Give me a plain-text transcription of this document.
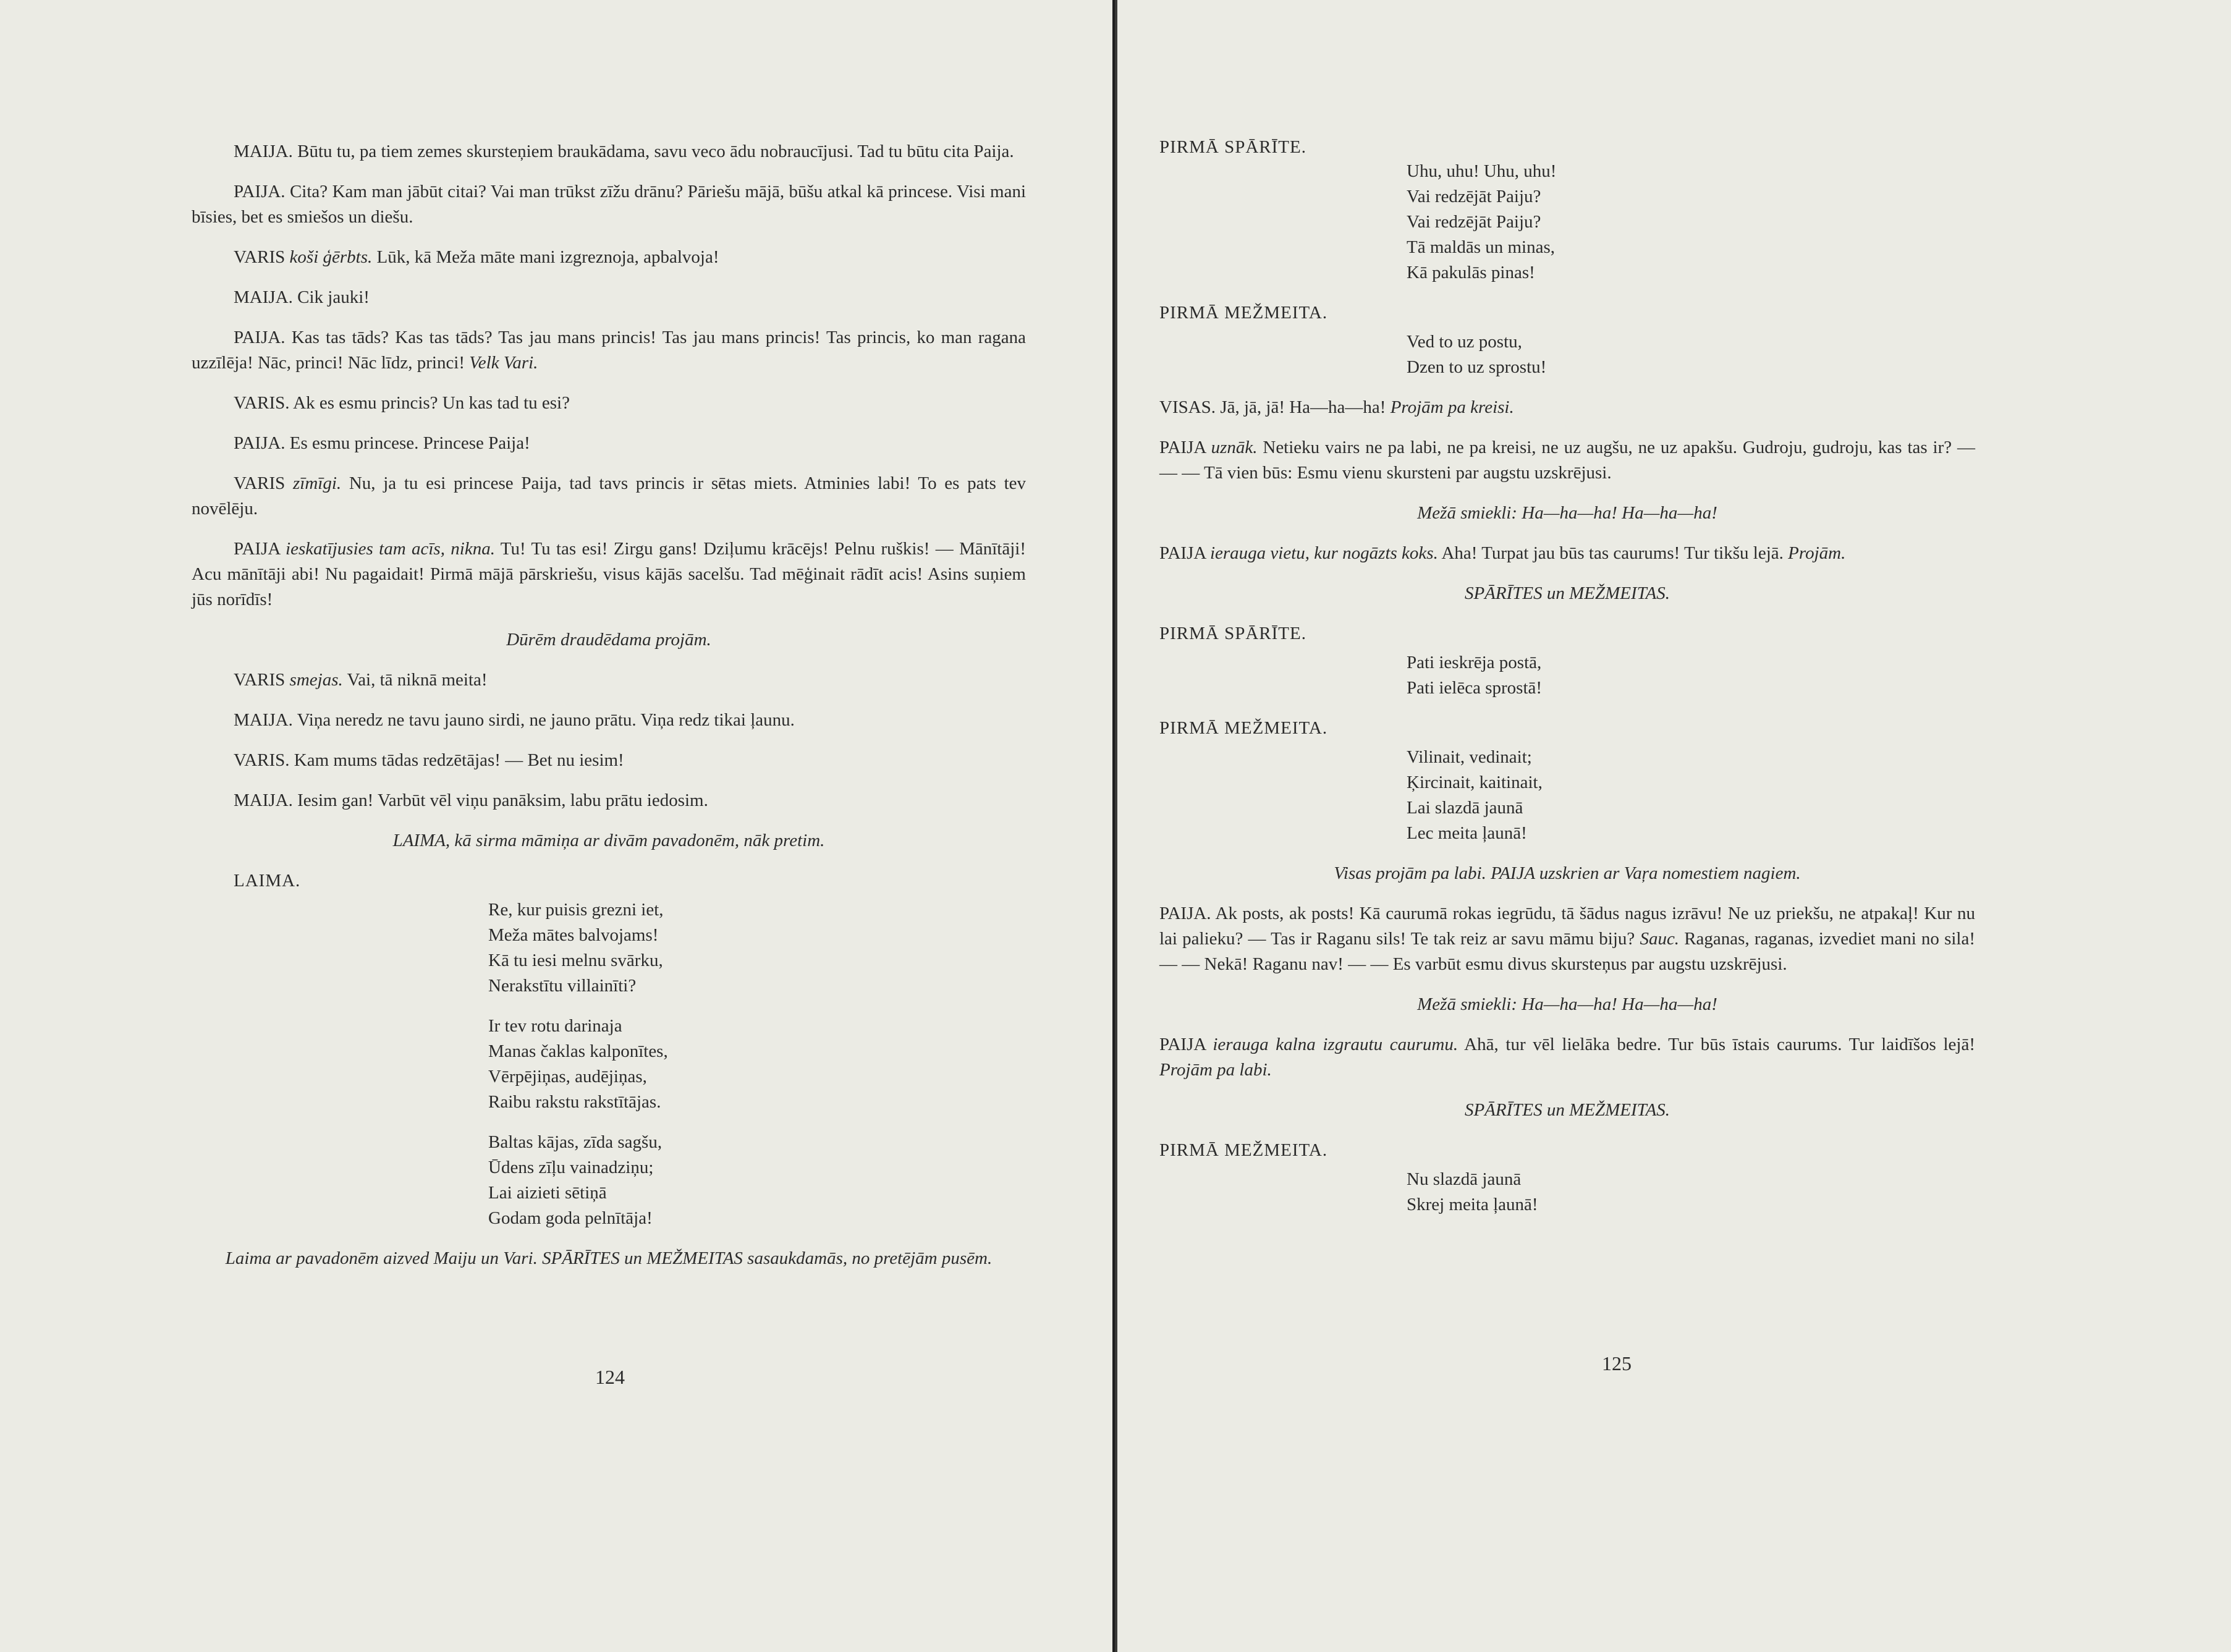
MAIJA. Būtu tu, pa tiem zemes skursteņiem braukādama, savu veco ādu nobraucījusi. Tad tu būtu cita Paija.

PAIJA. Cita? Kam man jābūt citai? Vai man trūkst zīžu drānu? Pāriešu mājā, būšu atkal kā princese. Visi mani bīsies, bet es smiešos un diešu.

VARIS koši ģērbts. Lūk, kā Meža māte mani izgreznoja, apbalvoja!

MAIJA. Cik jauki!

PAIJA. Kas tas tāds? Kas tas tāds? Tas jau mans princis! Tas jau mans princis! Tas princis, ko man ragana uzzīlēja! Nāc, princi! Nāc līdz, princi! Velk Vari.

VARIS. Ak es esmu princis? Un kas tad tu esi?

PAIJA. Es esmu princese. Princese Paija!

VARIS zīmīgi. Nu, ja tu esi princese Paija, tad tavs princis ir sētas miets. Atminies labi! To es pats tev novēlēju.

PAIJA ieskatījusies tam acīs, nikna. Tu! Tu tas esi! Zirgu gans! Dziļumu krācējs! Pelnu ruškis! — Mānītāji! Acu mānītāji abi! Nu pagaidait! Pirmā mājā pārskriešu, visus kājās sacelšu. Tad mēģinait rādīt acis! Asins suņiem jūs norīdīs!

Dūrēm draudēdama projām.

VARIS smejas. Vai, tā niknā meita!

MAIJA. Viņa neredz ne tavu jauno sirdi, ne jauno prātu. Viņa redz tikai ļaunu.

VARIS. Kam mums tādas redzētājas! — Bet nu iesim!

MAIJA. Iesim gan! Varbūt vēl viņu panāksim, labu prātu iedosim.

LAIMA, kā sirma māmiņa ar divām pavadonēm, nāk pretim.

LAIMA.
Re, kur puisis grezni iet,
Meža mātes balvojams!
Kā tu iesi melnu svārku,
Nerakstītu villainīti?
Ir tev rotu darinaja
Manas čaklas kalponītes,
Vērpējiņas, audējiņas,
Raibu rakstu rakstītājas.
Baltas kājas, zīda sagšu,
Ūdens zīļu vainadziņu;
Lai aizieti sētiņā
Godam goda pelnītāja!

Laima ar pavadonēm aizved Maiju un Vari. SPĀRĪTES un MEŽMEITAS sasaukdamās, no pretējām pusēm.

124
PIRMĀ SPĀRĪTE.
Uhu, uhu! Uhu, uhu!
Vai redzējāt Paiju?
Vai redzējāt Paiju?
Tā maldās un minas,
Kā pakulās pinas!
PIRMĀ MEŽMEITA.
Ved to uz postu,
Dzen to uz sprostu!

VISAS. Jā, jā, jā! Ha—ha—ha! Projām pa kreisi.

PAIJA uznāk. Netieku vairs ne pa labi, ne pa kreisi, ne uz augšu, ne uz apakšu. Gudroju, gudroju, kas tas ir? — — — Tā vien būs: Esmu vienu skursteni par augstu uzskrējusi.

Mežā smiekli: Ha—ha—ha! Ha—ha—ha!

PAIJA ierauga vietu, kur nogāzts koks. Aha! Turpat jau būs tas caurums! Tur tikšu lejā. Projām.

SPĀRĪTES un MEŽMEITAS.

PIRMĀ SPĀRĪTE.
Pati ieskrēja postā,
Pati ielēca sprostā!
PIRMĀ MEŽMEITA.
Vilinait, vedinait;
Ķircinait, kaitinait,
Lai slazdā jaunā
Lec meita ļaunā!

Visas projām pa labi. PAIJA uzskrien ar Vaŗa nomestiem nagiem.

PAIJA. Ak posts, ak posts! Kā caurumā rokas iegrūdu, tā šādus nagus izrāvu! Ne uz priekšu, ne atpakaļ! Kur nu lai palieku? — Tas ir Raganu sils! Te tak reiz ar savu māmu biju? Sauc. Raganas, raganas, izvediet mani no sila! — — Nekā! Raganu nav! — — Es varbūt esmu divus skursteņus par augstu uzskrējusi.

Mežā smiekli: Ha—ha—ha! Ha—ha—ha!

PAIJA ierauga kalna izgrautu caurumu. Ahā, tur vēl lielāka bedre. Tur būs īstais caurums. Tur laidīšos lejā! Projām pa labi.

SPĀRĪTES un MEŽMEITAS.

PIRMĀ MEŽMEITA.
Nu slazdā jaunā
Skrej meita ļaunā!
125
